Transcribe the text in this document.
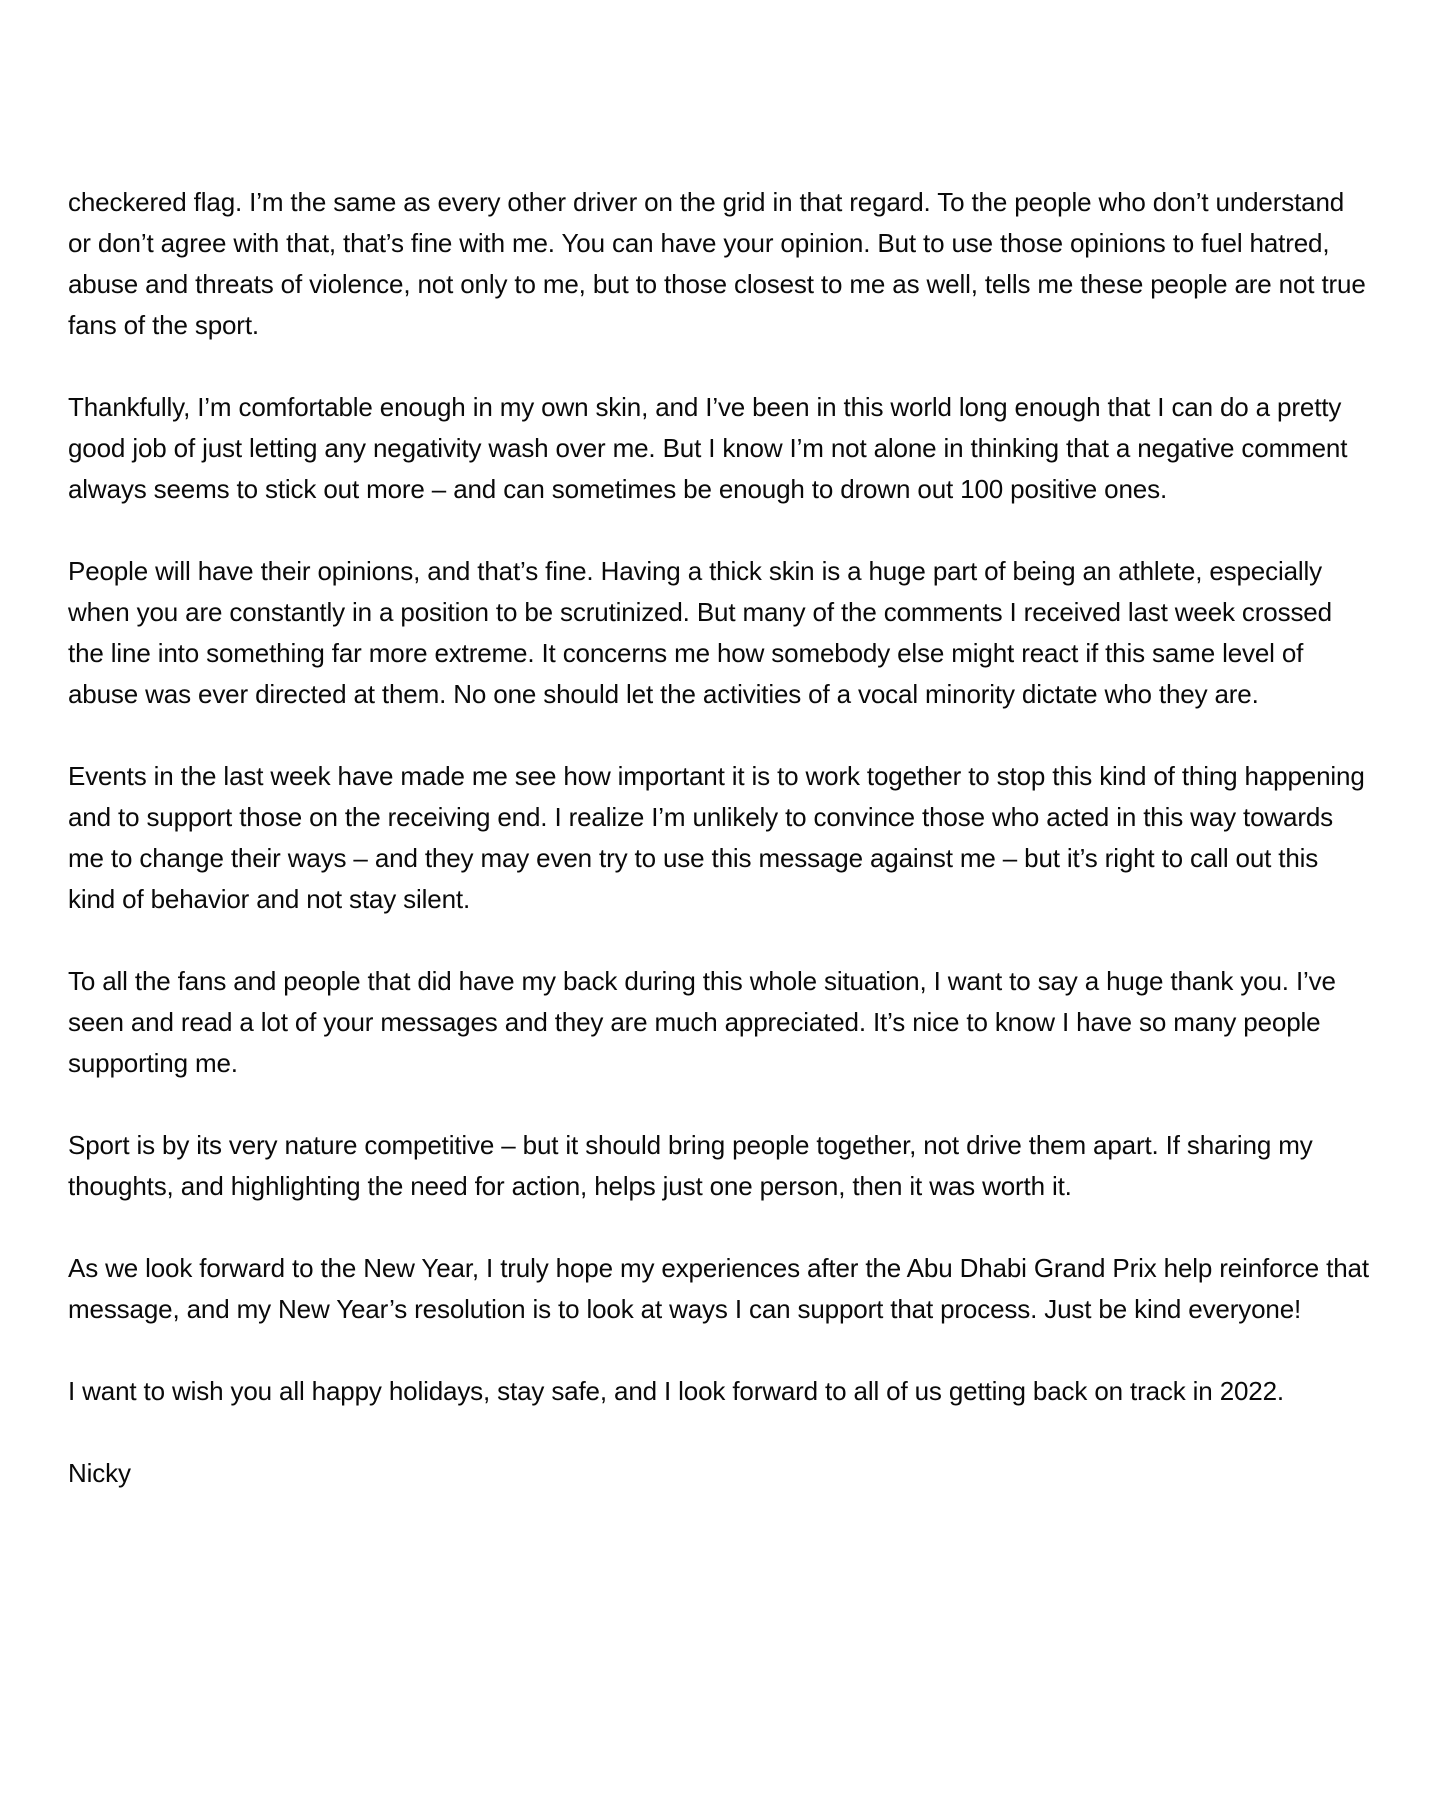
checkered flag. I’m the same as every other driver on the grid in that regard. To the people who don’t understand or don’t agree with that, that’s fine with me. You can have your opinion. But to use those opinions to fuel hatred, abuse and threats of violence, not only to me, but to those closest to me as well, tells me these people are not true fans of the sport.

Thankfully, I’m comfortable enough in my own skin, and I’ve been in this world long enough that I can do a pretty good job of just letting any negativity wash over me. But I know I’m not alone in thinking that a negative comment always seems to stick out more – and can sometimes be enough to drown out 100 positive ones.

People will have their opinions, and that’s fine. Having a thick skin is a huge part of being an athlete, especially when you are constantly in a position to be scrutinized. But many of the comments I received last week crossed the line into something far more extreme. It concerns me how somebody else might react if this same level of abuse was ever directed at them. No one should let the activities of a vocal minority dictate who they are.

Events in the last week have made me see how important it is to work together to stop this kind of thing happening and to support those on the receiving end. I realize I’m unlikely to convince those who acted in this way towards me to change their ways – and they may even try to use this message against me – but it’s right to call out this kind of behavior and not stay silent.

To all the fans and people that did have my back during this whole situation, I want to say a huge thank you. I’ve seen and read a lot of your messages and they are much appreciated. It’s nice to know I have so many people supporting me.

Sport is by its very nature competitive – but it should bring people together, not drive them apart. If sharing my thoughts, and highlighting the need for action, helps just one person, then it was worth it.

As we look forward to the New Year, I truly hope my experiences after the Abu Dhabi Grand Prix help reinforce that message, and my New Year’s resolution is to look at ways I can support that process. Just be kind everyone!

I want to wish you all happy holidays, stay safe, and I look forward to all of us getting back on track in 2022.

Nicky
